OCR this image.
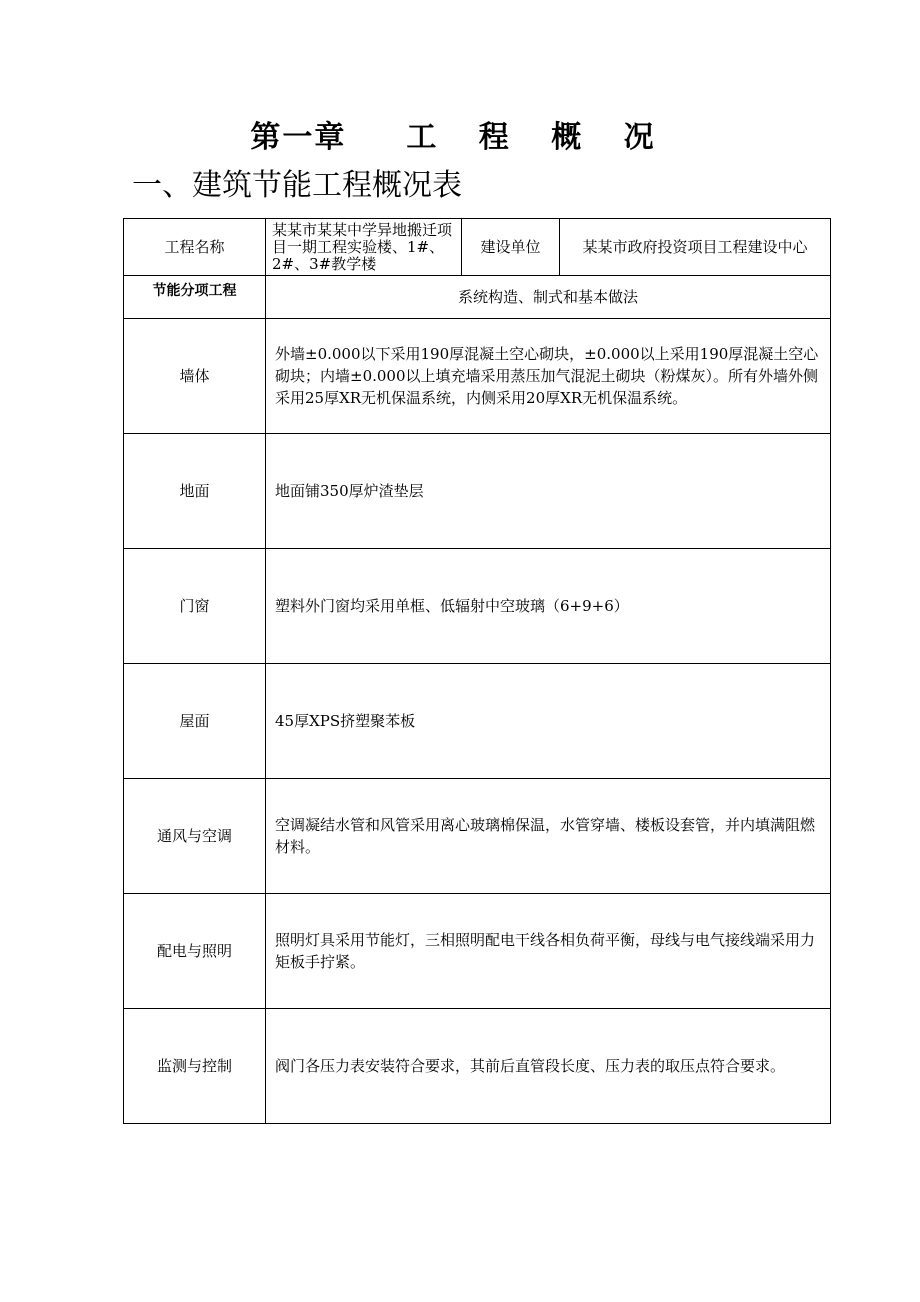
第一章 工 程 概 况
一、建筑节能工程概况表
工程名称	某某市某某中学异地搬迁项目一期工程实验楼、1#、2#、3#教学楼	建设单位	某某市政府投资项目工程建设中心
节能分项工程	系统构造、制式和基本做法		
墙体	外墙±0.000以下采用190厚混凝土空心砌块，±0.000以上采用190厚混凝土空心砌块；内墙±0.000以上填充墙采用蒸压加气混泥土砌块（粉煤灰）。所有外墙外侧采用25厚XR无机保温系统，内侧采用20厚XR无机保温系统。		
地面	地面铺350厚炉渣垫层		
门窗	塑料外门窗均采用单框、低辐射中空玻璃（6+9+6）		
屋面	45厚XPS挤塑聚苯板		
通风与空调	空调凝结水管和风管采用离心玻璃棉保温，水管穿墙、楼板设套管，并内填满阻燃材料。		
配电与照明	照明灯具采用节能灯，三相照明配电干线各相负荷平衡，母线与电气接线端采用力矩板手拧紧。		
监测与控制	阀门各压力表安装符合要求，其前后直管段长度、压力表的取压点符合要求。		
